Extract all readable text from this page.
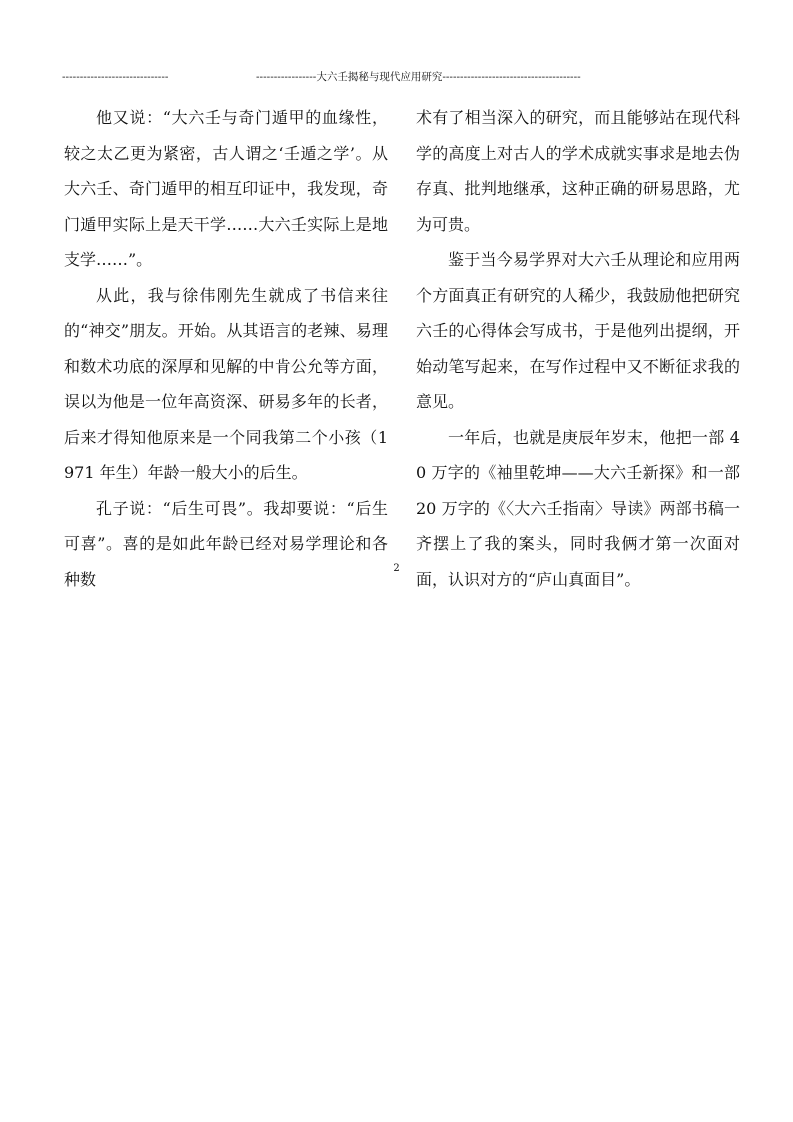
------------------------------	-----------------大六壬揭秘与现代应用研究---------------------------------------

他又说：“大六壬与奇门遁甲的血缘性，较之太乙更为紧密，古人谓之‘壬遁之学’。从大六壬、奇门遁甲的相互印证中，我发现，奇门遁甲实际上是天干学……大六壬实际上是地支学……”。

从此，我与徐伟刚先生就成了书信来往的“神交”朋友。开始。从其语言的老辣、易理和数术功底的深厚和见解的中肯公允等方面，误以为他是一位年高资深、研易多年的长者，后来才得知他原来是一个同我第二个小孩（1971 年生）年龄一般大小的后生。

孔子说：“后生可畏”。我却要说：“后生可喜”。喜的是如此年龄已经对易学理论和各种数

术有了相当深入的研究，而且能够站在现代科学的高度上对古人的学术成就实事求是地去伪存真、批判地继承，这种正确的研易思路，尤为可贵。

鉴于当今易学界对大六壬从理论和应用两个方面真正有研究的人稀少，我鼓励他把研究六壬的心得体会写成书，于是他列出提纲，开始动笔写起来，在写作过程中又不断征求我的意见。

一年后，也就是庚辰年岁末，他把一部 40 万字的《袖里乾坤——大六壬新探》和一部 20 万字的《〈大六壬指南〉导读》两部书稿一齐摆上了我的案头，同时我俩才第一次面对面，认识对方的“庐山真面目”。

2
